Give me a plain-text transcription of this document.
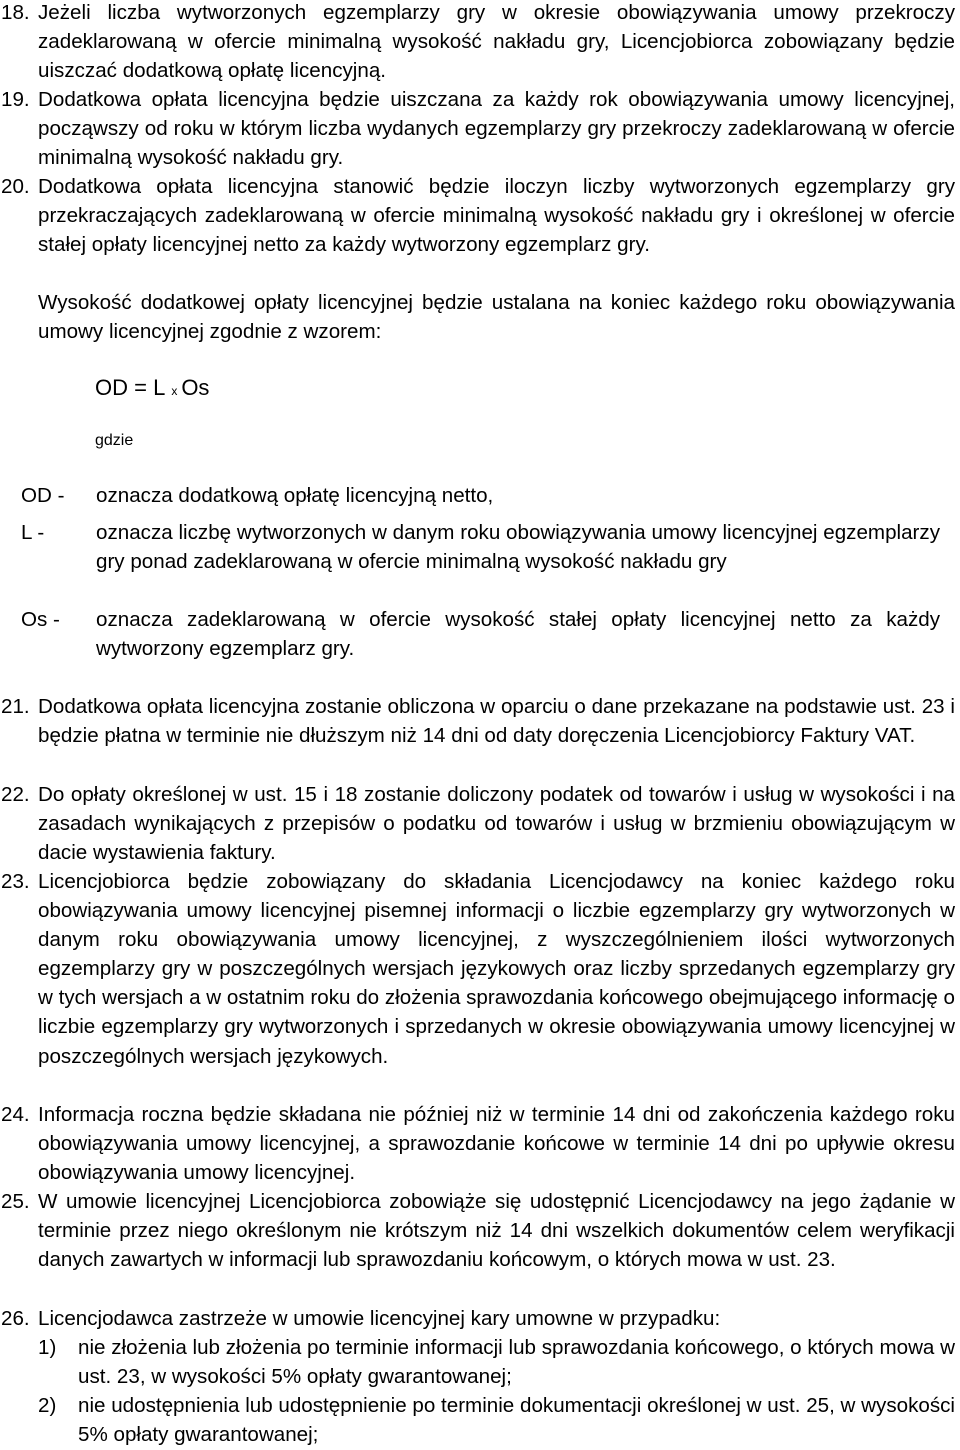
18. Jeżeli liczba wytworzonych egzemplarzy gry w okresie obowiązywania umowy przekroczy zadeklarowaną w ofercie minimalną wysokość nakładu gry, Licencjobiorca zobowiązany będzie uiszczać dodatkową opłatę licencyjną.
19. Dodatkowa opłata licencyjna będzie uiszczana za każdy rok obowiązywania umowy licencyjnej, począwszy od roku w którym liczba wydanych egzemplarzy gry przekroczy zadeklarowaną w ofercie minimalną wysokość nakładu gry.
20. Dodatkowa opłata licencyjna stanowić będzie iloczyn liczby wytworzonych egzemplarzy gry przekraczających zadeklarowaną w ofercie minimalną wysokość nakładu gry i określonej w ofercie stałej opłaty licencyjnej netto za każdy wytworzony egzemplarz gry.
Wysokość dodatkowej opłaty licencyjnej będzie ustalana na koniec każdego roku obowiązywania umowy licencyjnej zgodnie z wzorem:
OD = L x Os
gdzie
OD - oznacza dodatkową opłatę licencyjną netto,
L -	oznacza liczbę wytworzonych w danym roku obowiązywania umowy licencyjnej egzemplarzy gry ponad zadeklarowaną w ofercie minimalną wysokość nakładu gry
Os - oznacza zadeklarowaną w ofercie wysokość stałej opłaty licencyjnej netto za każdy wytworzony egzemplarz gry.
21. Dodatkowa opłata licencyjna zostanie obliczona w oparciu o dane przekazane na podstawie ust. 23 i będzie płatna w terminie nie dłuższym niż 14 dni od daty doręczenia Licencjobiorcy Faktury VAT.
22. Do opłaty określonej w ust. 15 i 18 zostanie doliczony podatek od towarów i usług w wysokości i na zasadach wynikających z przepisów o podatku od towarów i usług w brzmieniu obowiązującym w dacie wystawienia faktury.
23. Licencjobiorca będzie zobowiązany do składania Licencjodawcy na koniec każdego roku obowiązywania umowy licencyjnej pisemnej informacji o liczbie egzemplarzy gry wytworzonych w danym roku obowiązywania umowy licencyjnej, z wyszczególnieniem ilości wytworzonych egzemplarzy gry w poszczególnych wersjach językowych oraz liczby sprzedanych egzemplarzy gry w tych wersjach a w ostatnim roku do złożenia sprawozdania końcowego obejmującego informację o liczbie egzemplarzy gry wytworzonych i sprzedanych w okresie obowiązywania umowy licencyjnej w poszczególnych wersjach językowych.
24. Informacja roczna będzie składana nie później niż w terminie 14 dni od zakończenia każdego roku obowiązywania umowy licencyjnej, a sprawozdanie końcowe w terminie 14 dni po upływie okresu obowiązywania umowy licencyjnej.
25. W umowie licencyjnej Licencjobiorca zobowiąże się udostępnić Licencjodawcy na jego żądanie w terminie przez niego określonym nie krótszym niż 14 dni wszelkich dokumentów celem weryfikacji danych zawartych w informacji lub sprawozdaniu końcowym, o których mowa w ust. 23.
26. Licencjodawca zastrzeże w umowie licencyjnej kary umowne w przypadku:
1) nie złożenia lub złożenia po terminie informacji lub sprawozdania końcowego, o których mowa w ust. 23, w wysokości 5% opłaty gwarantowanej;
2) nie udostępnienia lub udostępnienie po terminie dokumentacji określonej w ust. 25, w wysokości 5% opłaty gwarantowanej;
